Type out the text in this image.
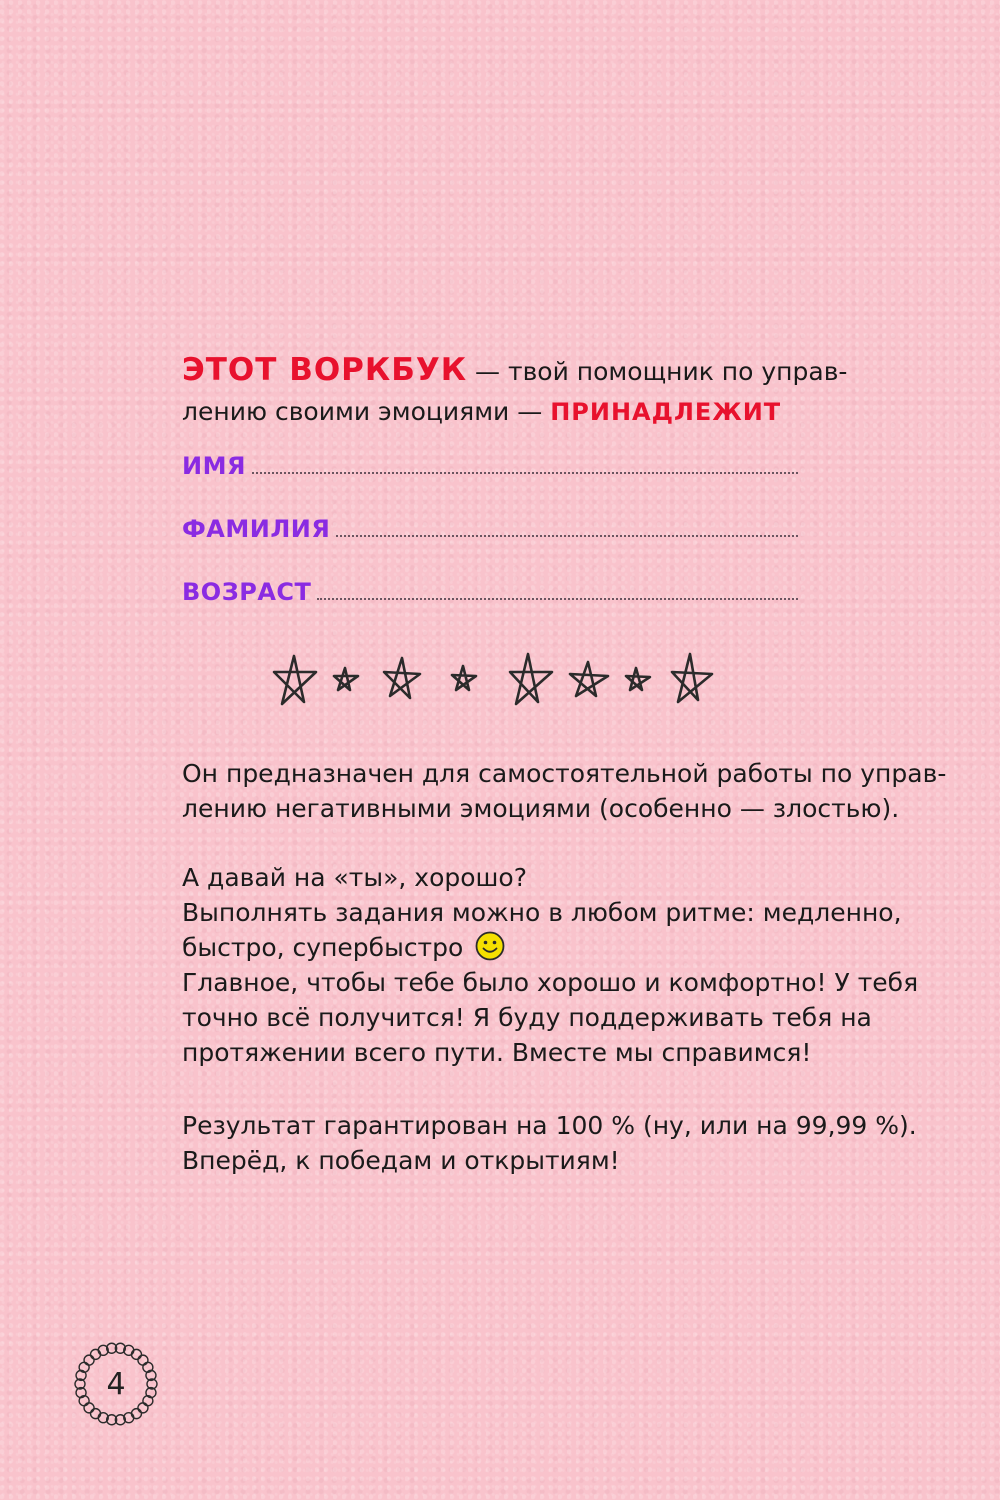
ЭТОТ ВОРКБУК — твой помощник по управ-
лению своими эмоциями — ПРИНАДЛЕЖИТ
ИМЯ
ФАМИЛИЯ
ВОЗРАСТ

Он предназначен для самостоятельной работы по управ-

лению негативными эмоциями (особенно — злостью).

А давай на «ты», хорошо?

Выполнять задания можно в любом ритме: медленно,

быстро, супербыстро

Главное, чтобы тебе было хорошо и комфортно! У тебя

точно всё получится! Я буду поддерживать тебя на

протяжении всего пути. Вместе мы справимся!

Результат гарантирован на 100 % (ну, или на 99,99 %).

Вперёд, к победам и открытиям!

4
